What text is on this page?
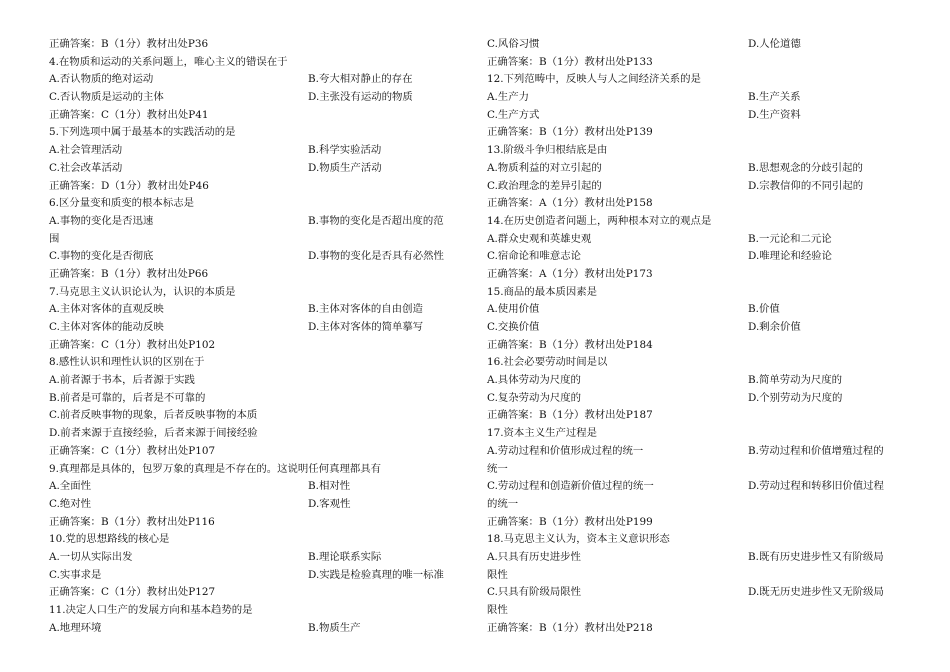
正确答案：B（1分）教材出处P36
4.在物质和运动的关系问题上，唯心主义的错误在于
A.否认物质的绝对运动	B.夸大相对静止的存在
C.否认物质是运动的主体	D.主张没有运动的物质
正确答案：C（1分）教材出处P41
5.下列选项中属于最基本的实践活动的是
A.社会管理活动	B.科学实验活动
C.社会改革活动	D.物质生产活动
正确答案：D（1分）教材出处P46
6.区分量变和质变的根本标志是
A.事物的变化是否迅速	B.事物的变化是否超出度的范
围
C.事物的变化是否彻底	D.事物的变化是否具有必然性
正确答案：B（1分）教材出处P66
7.马克思主义认识论认为，认识的本质是
A.主体对客体的直观反映	B.主体对客体的自由创造
C.主体对客体的能动反映	D.主体对客体的简单摹写
正确答案：C（1分）教材出处P102
8.感性认识和理性认识的区别在于
A.前者源于书本，后者源于实践
B.前者是可靠的，后者是不可靠的
C.前者反映事物的现象，后者反映事物的本质
D.前者来源于直接经验，后者来源于间接经验
正确答案：C（1分）教材出处P107
9.真理都是具体的，包罗万象的真理是不存在的。这说明任何真理都具有
A.全面性	B.相对性
C.绝对性	D.客观性
正确答案：B（1分）教材出处P116
10.党的思想路线的核心是
A.一切从实际出发	B.理论联系实际
C.实事求是	D.实践是检验真理的唯一标准
正确答案：C（1分）教材出处P127
11.决定人口生产的发展方向和基本趋势的是
A.地理环境	B.物质生产
C.风俗习惯	D.人伦道德
正确答案：B（1分）教材出处P133
12.下列范畴中，反映人与人之间经济关系的是
A.生产力	B.生产关系
C.生产方式	D.生产资料
正确答案：B（1分）教材出处P139
13.阶级斗争归根结底是由
A.物质利益的对立引起的	B.思想观念的分歧引起的
C.政治理念的差异引起的	D.宗教信仰的不同引起的
正确答案：A（1分）教材出处P158
14.在历史创造者问题上，两种根本对立的观点是
A.群众史观和英雄史观	B.一元论和二元论
C.宿命论和唯意志论	D.唯理论和经验论
正确答案：A（1分）教材出处P173
15.商品的最本质因素是
A.使用价值	B.价值
C.交换价值	D.剩余价值
正确答案：B（1分）教材出处P184
16.社会必要劳动时间是以
A.具体劳动为尺度的	B.简单劳动为尺度的
C.复杂劳动为尺度的	D.个别劳动为尺度的
正确答案：B（1分）教材出处P187
17.资本主义生产过程是
A.劳动过程和价值形成过程的统一	B.劳动过程和价值增殖过程的
统一
C.劳动过程和创造新价值过程的统一	D.劳动过程和转移旧价值过程
的统一
正确答案：B（1分）教材出处P199
18.马克思主义认为，资本主义意识形态
A.只具有历史进步性	B.既有历史进步性又有阶级局
限性
C.只具有阶级局限性	D.既无历史进步性又无阶级局
限性
正确答案：B（1分）教材出处P218
